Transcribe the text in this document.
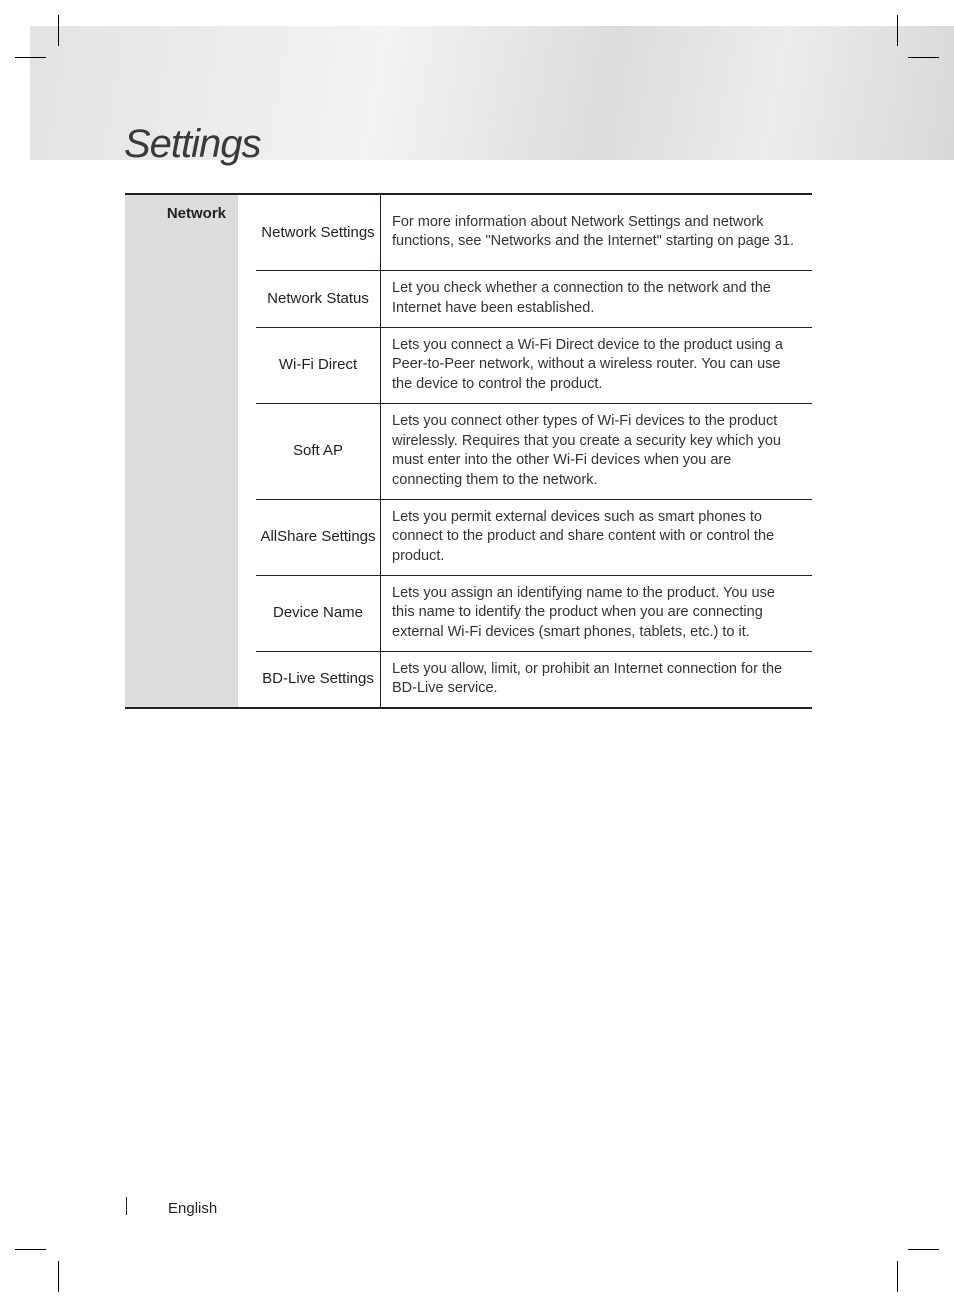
Settings
Network		Network Settings	For more information about Network Settings and network functions, see "Networks and the Internet" starting on page 31.
		Network Status	Let you check whether a connection to the network and the Internet have been established.
		Wi-Fi Direct	Lets you connect a Wi-Fi Direct device to the product using a Peer-to-Peer network, without a wireless router. You can use the device to control the product.
		Soft AP	Lets you connect other types of Wi-Fi devices to the product wirelessly. Requires that you create a security key which you must enter into the other Wi-Fi devices when you are connecting them to the network.
		AllShare Settings	Lets you permit external devices such as smart phones to connect to the product and share content with or control the product.
		Device Name	Lets you assign an identifying name to the product. You use this name to identify the product when you are connecting external Wi-Fi devices (smart phones, tablets, etc.) to it.
		BD-Live Settings	Lets you allow, limit, or prohibit an Internet connection for the BD-Live service.
English
